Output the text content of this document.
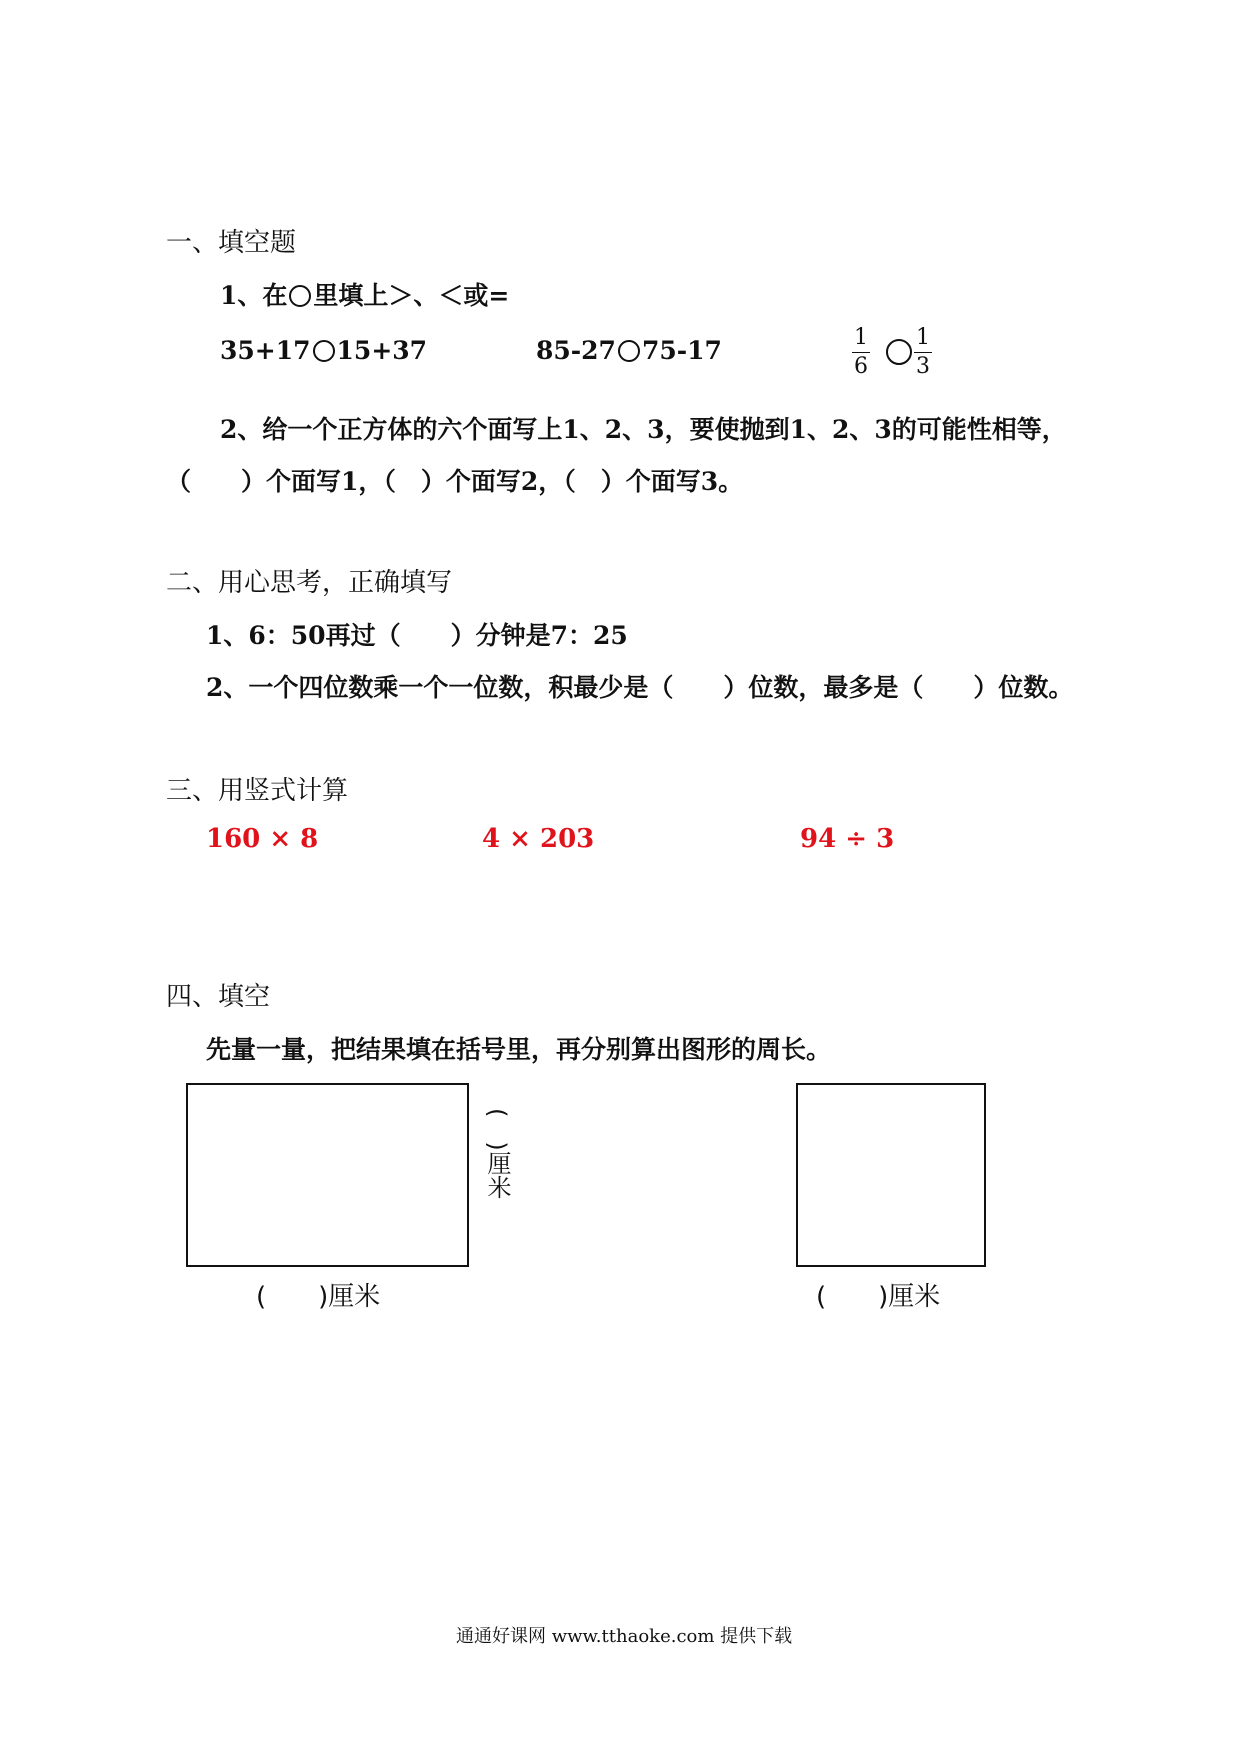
一、填空题
1、在 里填上＞、＜或=
35+17 15+37	85-27 75-17	1
6
1
3
2、给一个正方体的六个面写上1、2、3，要使抛到1、2、3的可能性相等，
（　　）个面写1，（　）个面写2，（　）个面写3。
二、用心思考，正确填写
1、6：50再过（　　）分钟是7：25
2、一个四位数乘一个一位数，积最少是（　　）位数，最多是（　　）位数。
三、用竖式计算
160 × 8	4 × 203	94 ÷ 3
四、填空
先量一量，把结果填在括号里，再分别算出图形的周长。
(　)厘米
(　　)厘米	(　　)厘米
通通好课网 www.tthaoke.com 提供下载
